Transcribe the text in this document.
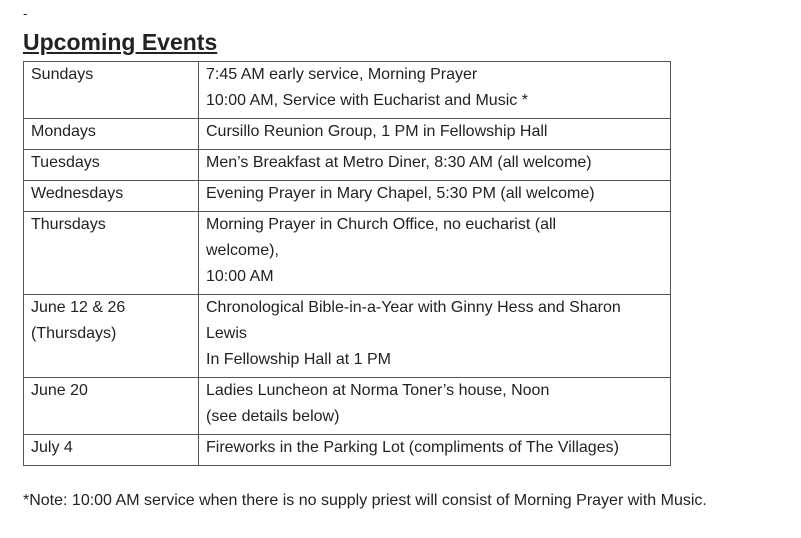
-
Upcoming Events
Sundays	7:45 AM early service, Morning Prayer
10:00 AM, Service with Eucharist and Music *

Mondays	Cursillo Reunion Group, 1 PM in Fellowship Hall

Tuesdays	Men’s Breakfast at Metro Diner, 8:30 AM (all welcome)

Wednesdays	Evening Prayer in Mary Chapel, 5:30 PM (all welcome)

Thursdays	Morning Prayer in Church Office, no eucharist (all
welcome),
10:00 AM

June 12 & 26
(Thursdays)	Chronological Bible-in-a-Year with Ginny Hess and Sharon
Lewis
In Fellowship Hall at 1 PM

June 20	Ladies Luncheon at Norma Toner’s house, Noon
(see details below)

July 4	Fireworks in the Parking Lot (compliments of The Villages)

*Note: 10:00 AM service when there is no supply priest will consist of Morning Prayer with Music.
